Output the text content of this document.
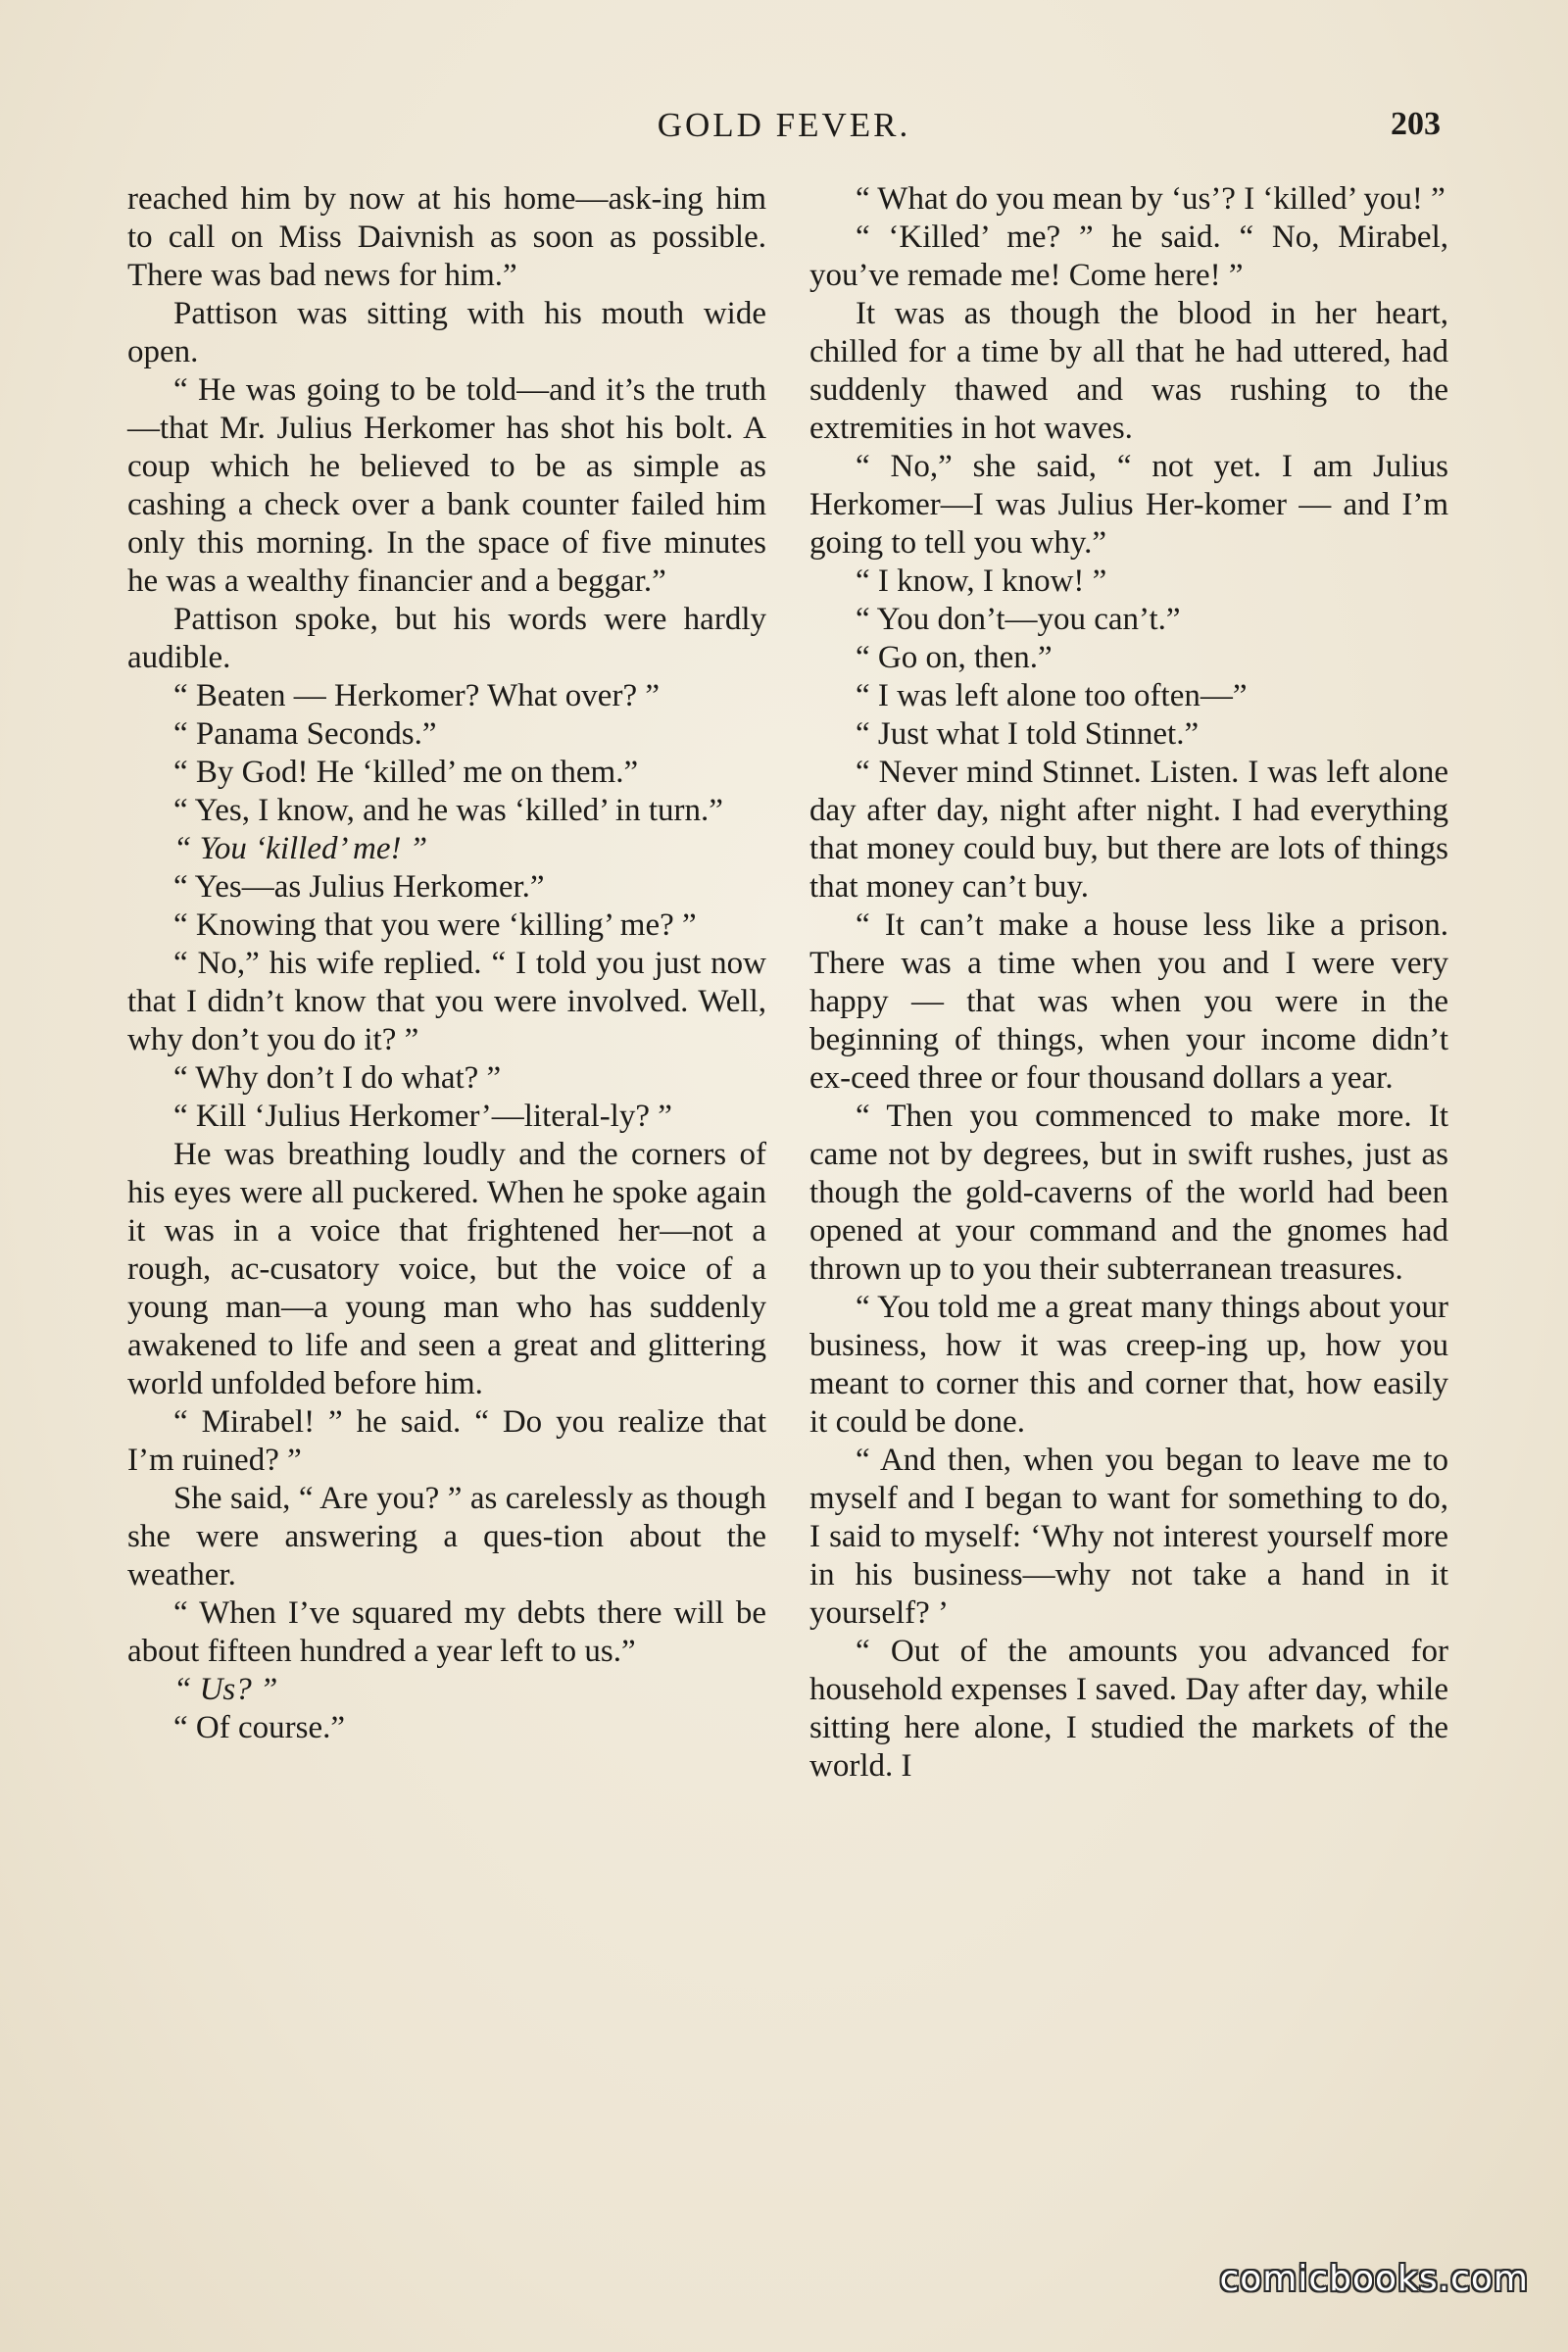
GOLD FEVER.	203

reached him by now at his home—ask-ing him to call on Miss Daivnish as soon as possible. There was bad news for him.”

Pattison was sitting with his mouth wide open.

“ He was going to be told—and it’s the truth—that Mr. Julius Herkomer has shot his bolt. A coup which he believed to be as simple as cashing a check over a bank counter failed him only this morning. In the space of five minutes he was a wealthy financier and a beggar.”

Pattison spoke, but his words were hardly audible.

“ Beaten — Herkomer? What over? ”

“ Panama Seconds.”

“ By God! He ‘killed’ me on them.”

“ Yes, I know, and he was ‘killed’ in turn.”

“ You ‘killed’ me! ”

“ Yes—as Julius Herkomer.”

“ Knowing that you were ‘killing’ me? ”

“ No,” his wife replied. “ I told you just now that I didn’t know that you were involved. Well, why don’t you do it? ”

“ Why don’t I do what? ”

“ Kill ‘Julius Herkomer’—literal-ly? ”

He was breathing loudly and the corners of his eyes were all puckered. When he spoke again it was in a voice that frightened her—not a rough, ac-cusatory voice, but the voice of a young man—a young man who has suddenly awakened to life and seen a great and glittering world unfolded before him.

“ Mirabel! ” he said. “ Do you realize that I’m ruined? ”

She said, “ Are you? ” as carelessly as though she were answering a ques-tion about the weather.

“ When I’ve squared my debts there will be about fifteen hundred a year left to us.”

“ Us? ”

“ Of course.”

“ What do you mean by ‘us’? I ‘killed’ you! ”

“ ‘Killed’ me? ” he said. “ No, Mirabel, you’ve remade me! Come here! ”

It was as though the blood in her heart, chilled for a time by all that he had uttered, had suddenly thawed and was rushing to the extremities in hot waves.

“ No,” she said, “ not yet. I am Julius Herkomer—I was Julius Her-komer — and I’m going to tell you why.”

“ I know, I know! ”

“ You don’t—you can’t.”

“ Go on, then.”

“ I was left alone too often—”

“ Just what I told Stinnet.”

“ Never mind Stinnet. Listen. I was left alone day after day, night after night. I had everything that money could buy, but there are lots of things that money can’t buy.

“ It can’t make a house less like a prison. There was a time when you and I were very happy — that was when you were in the beginning of things, when your income didn’t ex-ceed three or four thousand dollars a year.

“ Then you commenced to make more. It came not by degrees, but in swift rushes, just as though the gold-caverns of the world had been opened at your command and the gnomes had thrown up to you their subterranean treasures.

“ You told me a great many things about your business, how it was creep-ing up, how you meant to corner this and corner that, how easily it could be done.

“ And then, when you began to leave me to myself and I began to want for something to do, I said to myself: ‘Why not interest yourself more in his business—why not take a hand in it yourself? ’

“ Out of the amounts you advanced for household expenses I saved. Day after day, while sitting here alone, I studied the markets of the world. I

comicbooks.com
